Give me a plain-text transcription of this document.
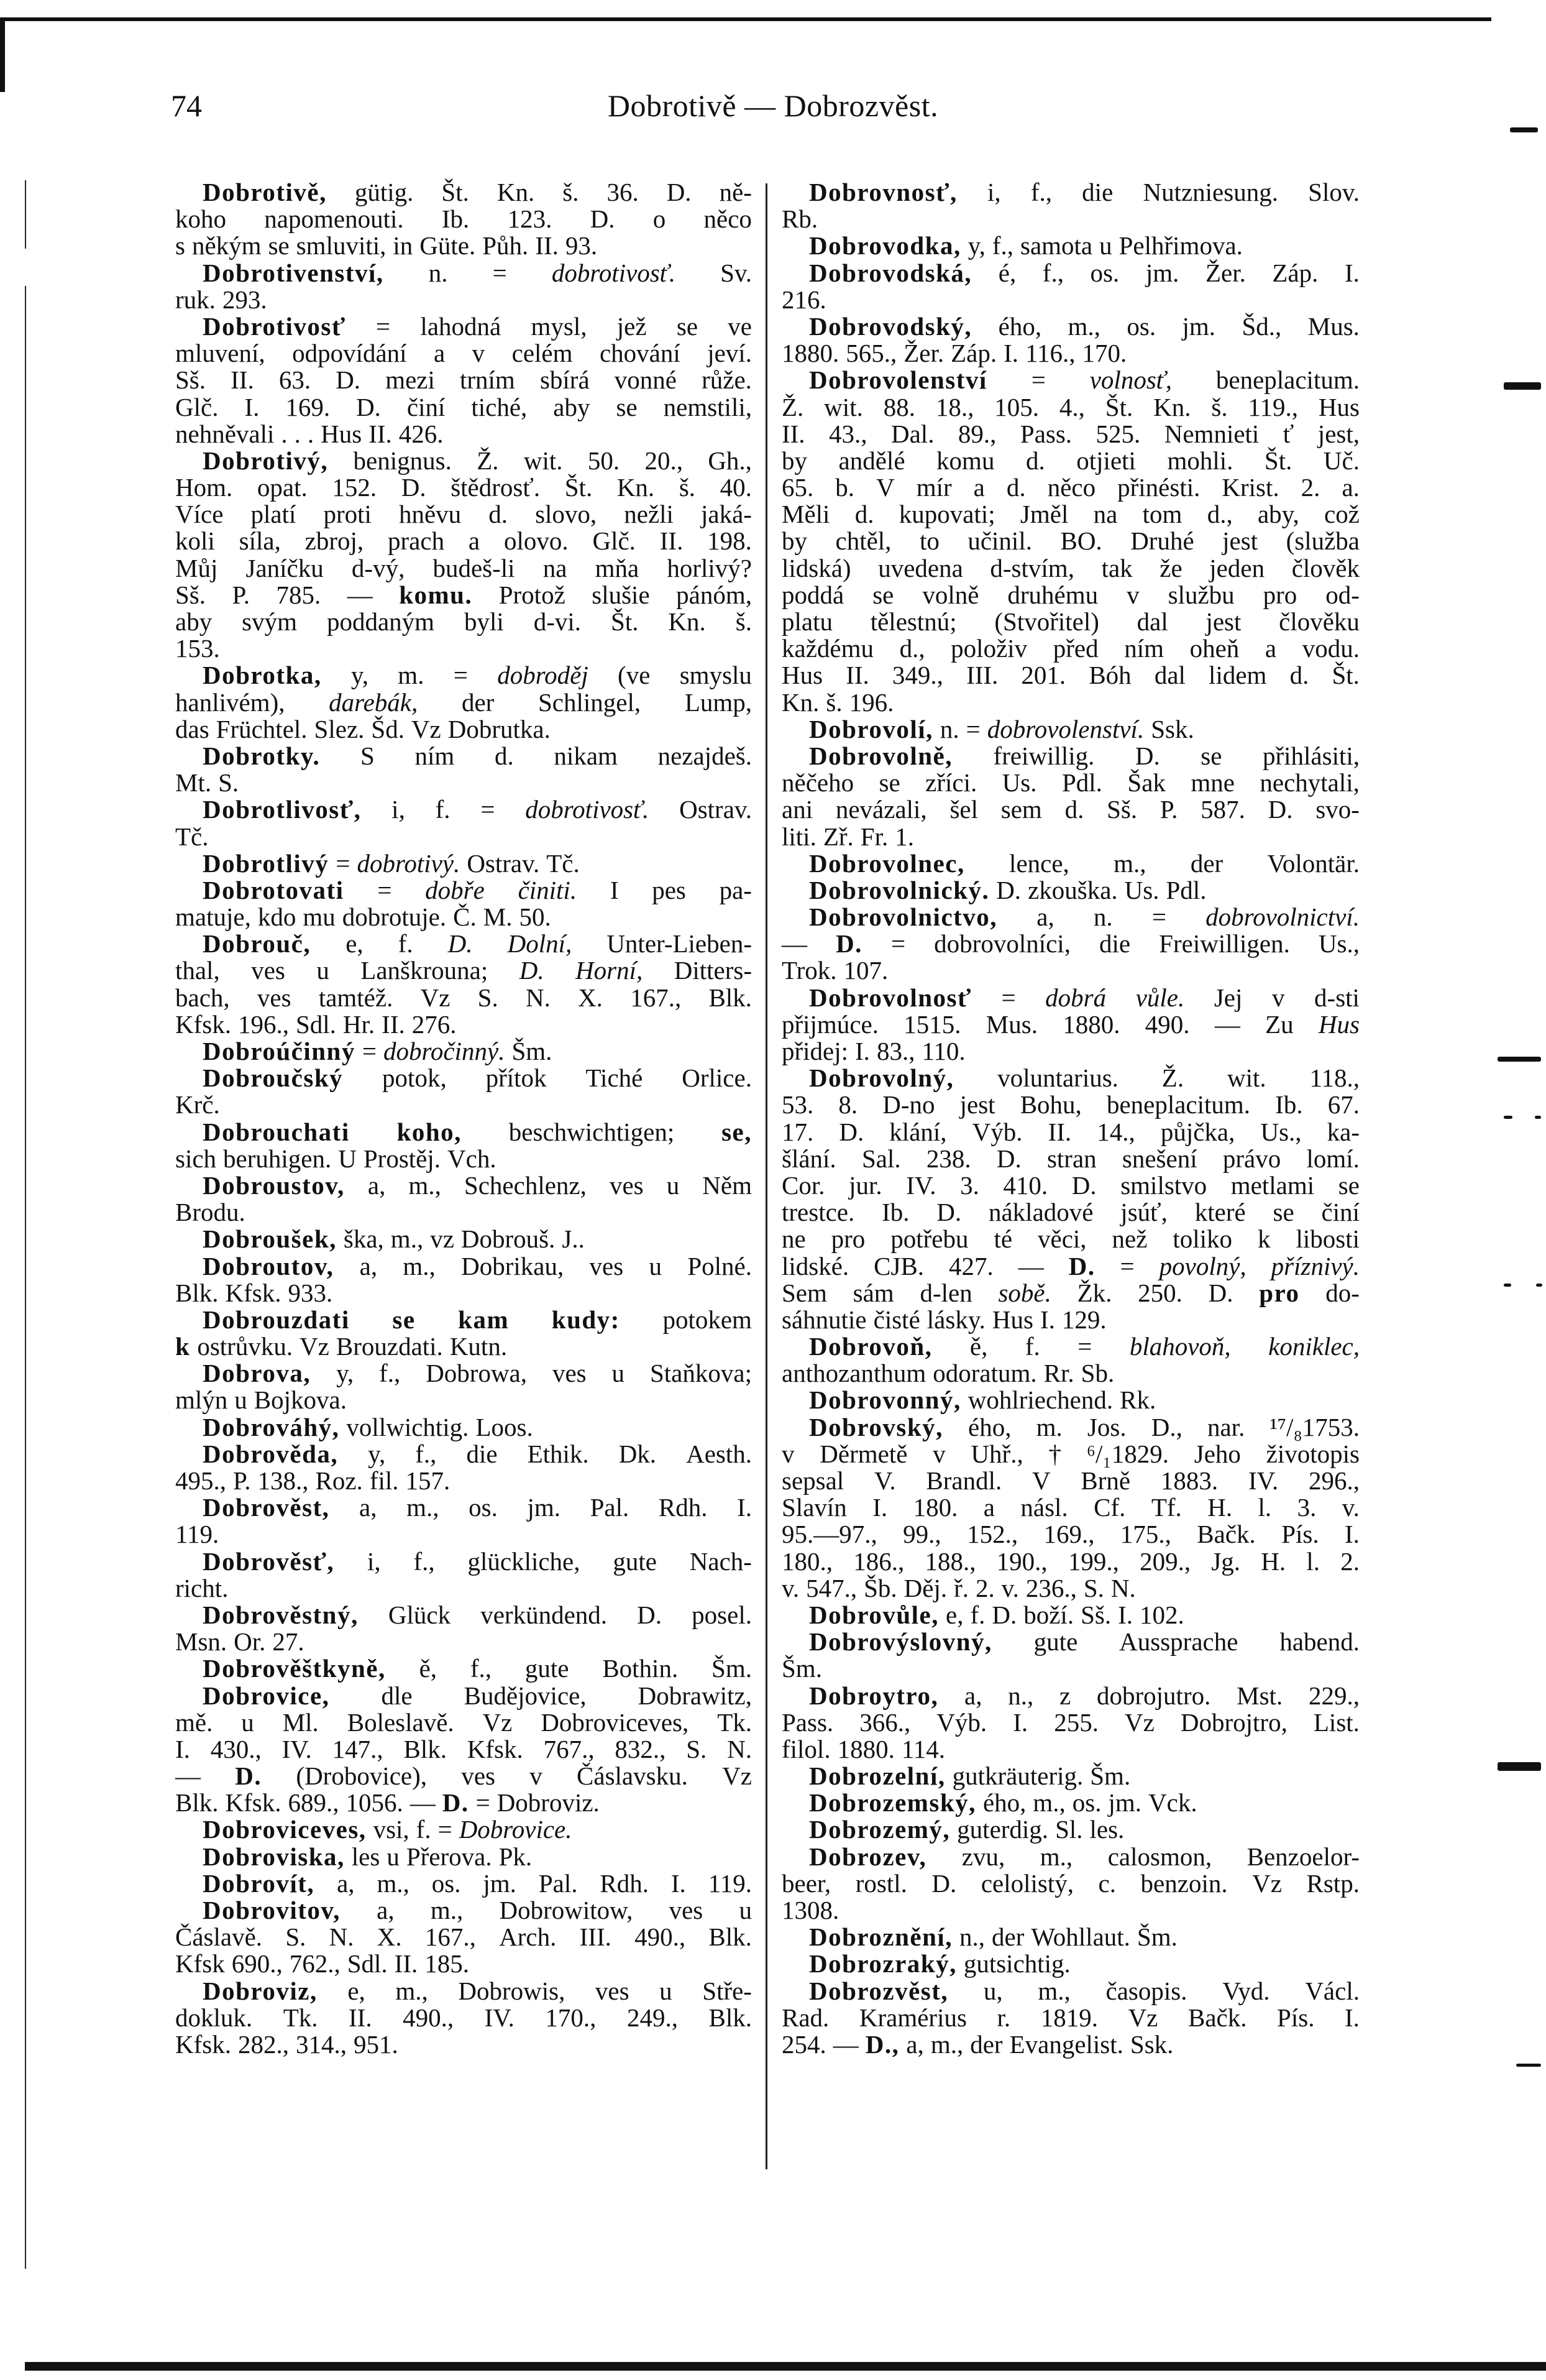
74	Dobrotivě — Dobrozvěst.
Dobrotivě, gütig. Št. Kn. š. 36. D. ně-
koho napomenouti. Ib. 123. D. o něco
s někým se smluviti, in Güte. Půh. II. 93.
Dobrotivenství, n. = dobrotivosť. Sv.
ruk. 293.
Dobrotivosť = lahodná mysl, jež se ve
mluvení, odpovídání a v celém chování jeví.
Sš. II. 63. D. mezi trním sbírá vonné růže.
Glč. I. 169. D. činí tiché, aby se nemstili,
nehněvali . . . Hus II. 426.
Dobrotivý, benignus. Ž. wit. 50. 20., Gh.,
Hom. opat. 152. D. štědrosť. Št. Kn. š. 40.
Více platí proti hněvu d. slovo, nežli jaká-
koli síla, zbroj, prach a olovo. Glč. II. 198.
Můj Janíčku d-vý, budeš-li na mňa horlivý?
Sš. P. 785. — komu. Protož slušie pánóm,
aby svým poddaným byli d-vi. Št. Kn. š.
153.
Dobrotka, y, m. = dobroděj (ve smyslu
hanlivém), darebák, der Schlingel, Lump,
das Früchtel. Slez. Šd. Vz Dobrutka.
Dobrotky. S ním d. nikam nezajdeš.
Mt. S.
Dobrotlivosť, i, f. = dobrotivosť. Ostrav.
Tč.
Dobrotlivý = dobrotivý. Ostrav. Tč.
Dobrotovati = dobře činiti. I pes pa-
matuje, kdo mu dobrotuje. Č. M. 50.
Dobrouč, e, f. D. Dolní, Unter-Lieben-
thal, ves u Lanškrouna; D. Horní, Ditters-
bach, ves tamtéž. Vz S. N. X. 167., Blk.
Kfsk. 196., Sdl. Hr. II. 276.
Dobroúčinný = dobročinný. Šm.
Dobroučský potok, přítok Tiché Orlice.
Krč.
Dobrouchati koho, beschwichtigen; se,
sich beruhigen. U Prostěj. Vch.
Dobroustov, a, m., Schechlenz, ves u Něm
Brodu.
Dobroušek, ška, m., vz Dobrouš. J..
Dobroutov, a, m., Dobrikau, ves u Polné.
Blk. Kfsk. 933.
Dobrouzdati se kam kudy: potokem
k ostrůvku. Vz Brouzdati. Kutn.
Dobrova, y, f., Dobrowa, ves u Staňkova;
mlýn u Bojkova.
Dobrováhý, vollwichtig. Loos.
Dobrověda, y, f., die Ethik. Dk. Aesth.
495., P. 138., Roz. fil. 157.
Dobrověst, a, m., os. jm. Pal. Rdh. I.
119.
Dobrověsť, i, f., glückliche, gute Nach-
richt.
Dobrověstný, Glück verkündend. D. posel.
Msn. Or. 27.
Dobrověštkyně, ě, f., gute Bothin. Šm.
Dobrovice, dle Budějovice, Dobrawitz,
mě. u Ml. Boleslavě. Vz Dobroviceves, Tk.
I. 430., IV. 147., Blk. Kfsk. 767., 832., S. N.
— D. (Drobovice), ves v Čáslavsku. Vz
Blk. Kfsk. 689., 1056. — D. = Dobroviz.
Dobroviceves, vsi, f. = Dobrovice.
Dobroviska, les u Přerova. Pk.
Dobrovít, a, m., os. jm. Pal. Rdh. I. 119.
Dobrovitov, a, m., Dobrowitow, ves u
Čáslavě. S. N. X. 167., Arch. III. 490., Blk.
Kfsk 690., 762., Sdl. II. 185.
Dobroviz, e, m., Dobrowis, ves u Stře-
dokluk. Tk. II. 490., IV. 170., 249., Blk.
Kfsk. 282., 314., 951.
Dobrovnosť, i, f., die Nutzniesung. Slov.
Rb.
Dobrovodka, y, f., samota u Pelhřimova.
Dobrovodská, é, f., os. jm. Žer. Záp. I.
216.
Dobrovodský, ého, m., os. jm. Šd., Mus.
1880. 565., Žer. Záp. I. 116., 170.
Dobrovolenství = volnosť, beneplacitum.
Ž. wit. 88. 18., 105. 4., Št. Kn. š. 119., Hus
II. 43., Dal. 89., Pass. 525. Nemnieti ť jest,
by andělé komu d. otjieti mohli. Št. Uč.
65. b. V mír a d. něco přinésti. Krist. 2. a.
Měli d. kupovati; Jměl na tom d., aby, což
by chtěl, to učinil. BO. Druhé jest (služba
lidská) uvedena d-stvím, tak že jeden člověk
poddá se volně druhému v službu pro od-
platu tělestnú; (Stvořitel) dal jest člověku
každému d., položiv před ním oheň a vodu.
Hus II. 349., III. 201. Bóh dal lidem d. Št.
Kn. š. 196.
Dobrovolí, n. = dobrovolenství. Ssk.
Dobrovolně, freiwillig. D. se přihlásiti,
něčeho se zříci. Us. Pdl. Šak mne nechytali,
ani nevázali, šel sem d. Sš. P. 587. D. svo-
liti. Zř. Fr. 1.
Dobrovolnec, lence, m., der Volontär.
Dobrovolnický. D. zkouška. Us. Pdl.
Dobrovolnictvo, a, n. = dobrovolnictví.
— D. = dobrovolníci, die Freiwilligen. Us.,
Trok. 107.
Dobrovolnosť = dobrá vůle. Jej v d-sti
přijmúce. 1515. Mus. 1880. 490. — Zu Hus
přidej: I. 83., 110.
Dobrovolný, voluntarius. Ž. wit. 118.,
53. 8. D-no jest Bohu, beneplacitum. Ib. 67.
17. D. klání, Výb. II. 14., půjčka, Us., ka-
šlání. Sal. 238. D. stran snešení právo lomí.
Cor. jur. IV. 3. 410. D. smilstvo metlami se
trestce. Ib. D. nákladové jsúť, které se činí
ne pro potřebu té věci, než toliko k libosti
lidské. CJB. 427. — D. = povolný, příznivý.
Sem sám d-len sobě. Žk. 250. D. pro do-
sáhnutie čisté lásky. Hus I. 129.
Dobrovoň, ě, f. = blahovoň, koniklec,
anthozanthum odoratum. Rr. Sb.
Dobrovonný, wohlriechend. Rk.
Dobrovský, ého, m. Jos. D., nar. ¹⁷/₈1753.
v Děrmetě v Uhř., † ⁶/₁1829. Jeho životopis
sepsal V. Brandl. V Brně 1883. IV. 296.,
Slavín I. 180. a násl. Cf. Tf. H. l. 3. v.
95.—97., 99., 152., 169., 175., Bačk. Pís. I.
180., 186., 188., 190., 199., 209., Jg. H. l. 2.
v. 547., Šb. Děj. ř. 2. v. 236., S. N.
Dobrovůle, e, f. D. boží. Sš. I. 102.
Dobrovýslovný, gute Aussprache habend.
Šm.
Dobroytro, a, n., z dobrojutro. Mst. 229.,
Pass. 366., Výb. I. 255. Vz Dobrojtro, List.
filol. 1880. 114.
Dobrozelní, gutkräuterig. Šm.
Dobrozemský, ého, m., os. jm. Vck.
Dobrozemý, guterdig. Sl. les.
Dobrozev, zvu, m., calosmon, Benzoelor-
beer, rostl. D. celolistý, c. benzoin. Vz Rstp.
1308.
Dobroznění, n., der Wohllaut. Šm.
Dobrozraký, gutsichtig.
Dobrozvěst, u, m., časopis. Vyd. Václ.
Rad. Kramérius r. 1819. Vz Bačk. Pís. I.
254. — D., a, m., der Evangelist. Ssk.
